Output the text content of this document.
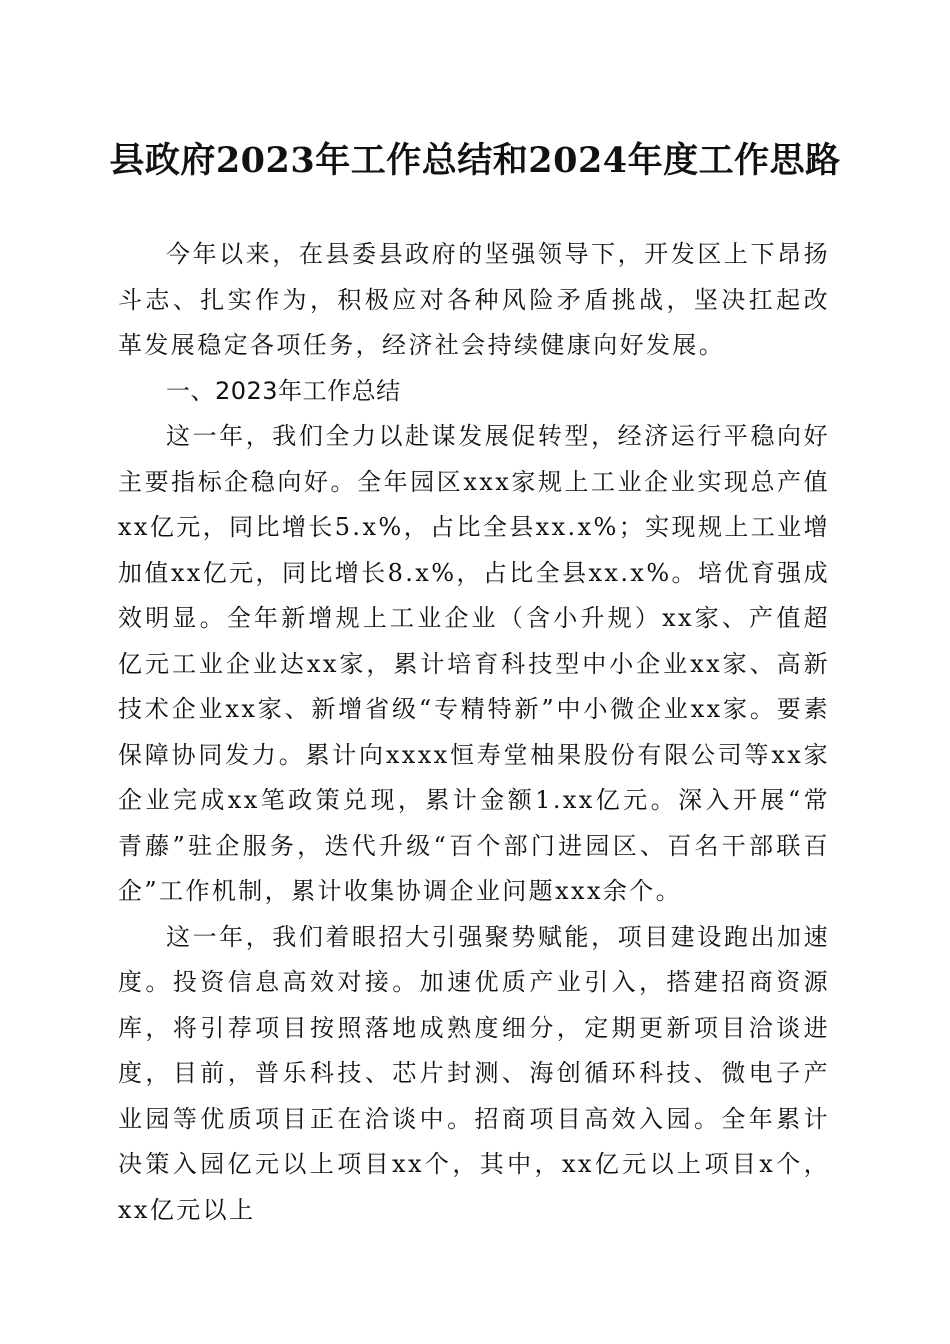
县政府2023年工作总结和2024年度工作思路

今年以来，在县委县政府的坚强领导下，开发区上下昂扬斗志、扎实作为，积极应对各种风险矛盾挑战，坚决扛起改革发展稳定各项任务，经济社会持续健康向好发展。

一、2023年工作总结

这一年，我们全力以赴谋发展促转型，经济运行平稳向好主要指标企稳向好。全年园区xxx家规上工业企业实现总产值xx亿元，同比增长5.x%，占比全县xx.x%；实现规上工业增加值xx亿元，同比增长8.x%，占比全县xx.x%。培优育强成效明显。全年新增规上工业企业（含小升规）xx家、产值超亿元工业企业达xx家，累计培育科技型中小企业xx家、高新技术企业xx家、新增省级“专精特新”中小微企业xx家。要素保障协同发力。累计向xxxx恒寿堂柚果股份有限公司等xx家企业完成xx笔政策兑现，累计金额1.xx亿元。深入开展“常青藤”驻企服务，迭代升级“百个部门进园区、百名干部联百企”工作机制，累计收集协调企业问题xxx余个。

这一年，我们着眼招大引强聚势赋能，项目建设跑出加速度。投资信息高效对接。加速优质产业引入，搭建招商资源库，将引荐项目按照落地成熟度细分，定期更新项目洽谈进度，目前，普乐科技、芯片封测、海创循环科技、微电子产业园等优质项目正在洽谈中。招商项目高效入园。全年累计决策入园亿元以上项目xx个，其中，xx亿元以上项目x个，xx亿元以上
